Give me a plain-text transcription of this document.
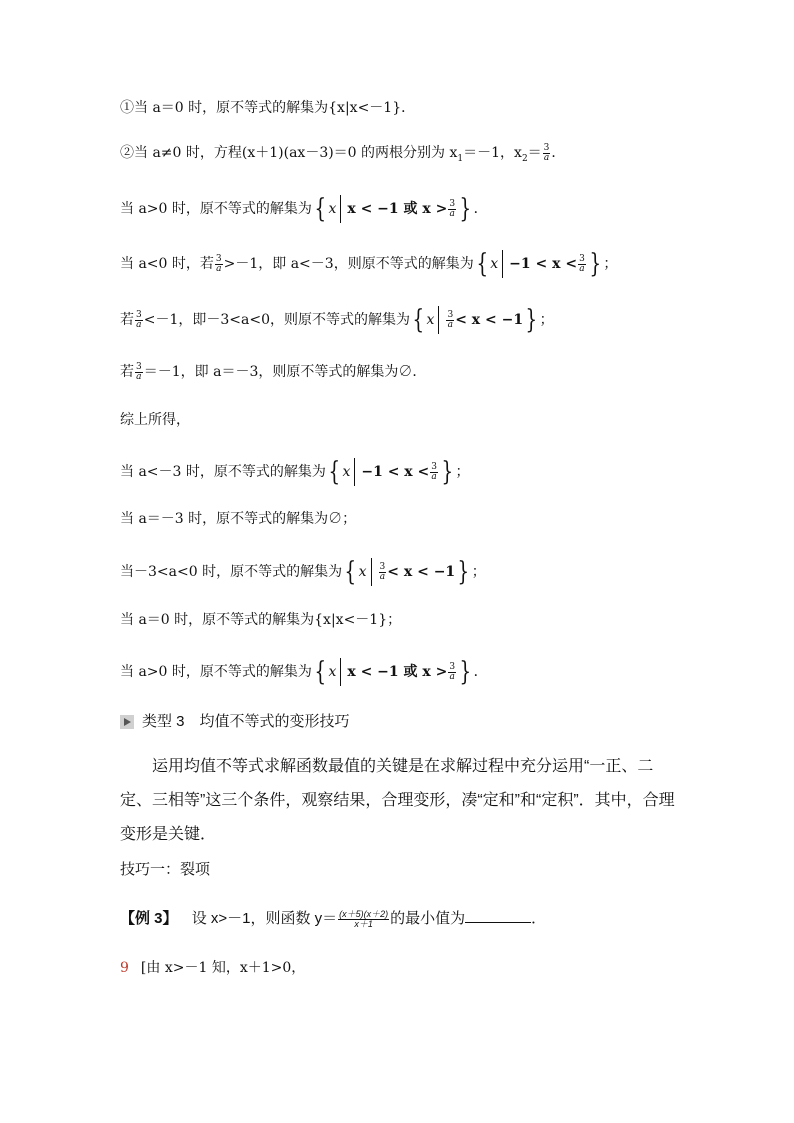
①当 a＝0 时，原不等式的解集为{x|x<－1}．
②当 a≠0 时，方程(x＋1)(ax－3)＝0 的两根分别为 $x_1=-1$，$x_2= \frac{3}{a}$ ．
当 a>0 时，原不等式的解集为{ x x < −1 或 $x > \frac{3}{a}$ } ．
当 a<0 时，若 $\frac{3}{a} >-1$，即 a<－3，则原不等式的解集为{ $x -1 < x < \frac{3}{a}$ } ；
若 $\frac{3}{a} <-1$，即－3<a<0，则原不等式的解集为{ x $\frac{3}{a} < x < -1$} ；
若 $\frac{3}{a} =-1$，即 a＝－3，则原不等式的解集为∅．
综上所得，
当 a<－3 时，原不等式的解集为{ $x -1 < x < \frac{3}{a}$ } ；
当 a＝－3 时，原不等式的解集为∅；
当－3<a<0 时，原不等式的解集为{ x $\frac{3}{a} < x < -1$} ；
当 a＝0 时，原不等式的解集为{x|x<－1}；
当 a>0 时，原不等式的解集为{ x x < −1 或 $x > \frac{3}{a}$ } ．
类型 3　均值不等式的变形技巧
运用均值不等式求解函数最值的关键是在求解过程中充分运用“一正、二定、三相等”这三个条件，观察结果，合理变形，凑“定和”和“定积”．其中，合理变形是关键．
技巧一：裂项
【例 3】 设 x>－1，则函数 $y= \frac{(x+5)(x+2)}{x+1}$ 的最小值为	．
9 [由 x>－1 知，x＋1>0，
